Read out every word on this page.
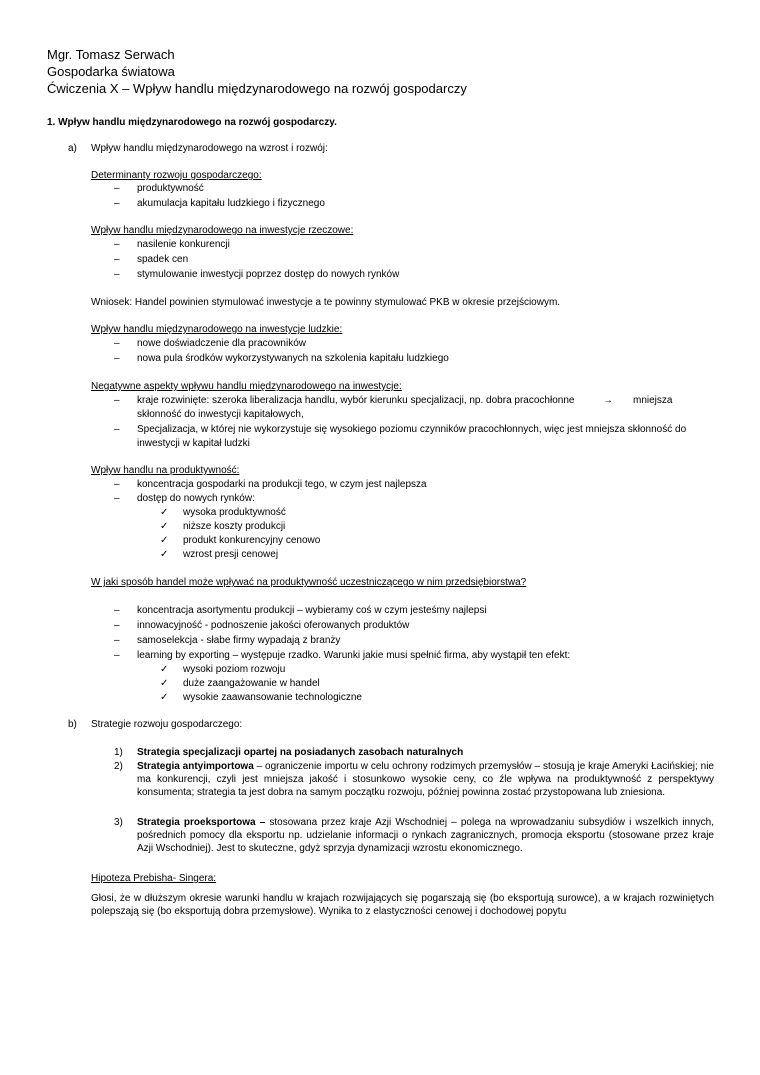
Mgr. Tomasz Serwach
Gospodarka światowa
Ćwiczenia X – Wpływ handlu międzynarodowego na rozwój gospodarczy
1. Wpływ handlu międzynarodowego na rozwój gospodarczy.
a) Wpływ handlu międzynarodowego na wzrost i rozwój:
Determinanty rozwoju gospodarczego:
– produktywność
– akumulacja kapitału ludzkiego i fizycznego
Wpływ handlu międzynarodowego na inwestycje rzeczowe:
– nasilenie konkurencji
– spadek cen
– stymulowanie inwestycji poprzez dostęp do nowych rynków
Wniosek: Handel powinien stymulować inwestycje a te powinny stymulować PKB w okresie przejściowym.
Wpływ handlu międzynarodowego na inwestycje ludzkie:
– nowe doświadczenie dla pracowników
– nowa pula środków wykorzystywanych na szkolenia kapitału ludzkiego
Negatywne aspekty wpływu handlu międzynarodowego na inwestycje:
– kraje rozwinięte: szeroka liberalizacja handlu, wybór kierunku specjalizacji, np. dobra pracochłonne	→ mniejsza
skłonność do inwestycji kapitałowych,
– Specjalizacja, w której nie wykorzystuje się wysokiego poziomu czynników pracochłonnych, więc jest mniejsza skłonność do
inwestycji w kapitał ludzki
Wpływ handlu na produktywność:
– koncentracja gospodarki na produkcji tego, w czym jest najlepsza
– dostęp do nowych rynków:
✓ wysoka produktywność
✓ niższe koszty produkcji
✓ produkt konkurencyjny cenowo
✓ wzrost presji cenowej
W jaki sposób handel może wpływać na produktywność uczestniczącego w nim przedsiębiorstwa?
– koncentracja asortymentu produkcji – wybieramy coś w czym jesteśmy najlepsi
– innowacyjność - podnoszenie jakości oferowanych produktów
– samoselekcja - słabe firmy wypadają z branży
– learning by exporting – występuje rzadko. Warunki jakie musi spełnić firma, aby wystąpił ten efekt:
✓ wysoki poziom rozwoju
✓ duże zaangażowanie w handel
✓ wysokie zaawansowanie technologiczne
b) Strategie rozwoju gospodarczego:
1) Strategia specjalizacji opartej na posiadanych zasobach naturalnych
2) Strategia antyimportowa – ograniczenie importu w celu ochrony rodzimych przemysłów – stosują je kraje Ameryki Łacińskiej; nie ma konkurencji, czyli jest mniejsza jakość i stosunkowo wysokie ceny, co źle wpływa na produktywność z perspektywy konsumenta; strategia ta jest dobra na samym początku rozwoju, później powinna zostać przystopowana lub zniesiona.
3) Strategia proeksportowa – stosowana przez kraje Azji Wschodniej – polega na wprowadzaniu subsydiów i wszelkich innych, pośrednich pomocy dla eksportu np. udzielanie informacji o rynkach zagranicznych, promocja eksportu (stosowane przez kraje Azji Wschodniej). Jest to skuteczne, gdyż sprzyja dynamizacji wzrostu ekonomicznego.
Hipoteza Prebisha- Singera:
Głosi, że w dłuższym okresie warunki handlu w krajach rozwijających się pogarszają się (bo eksportują surowce), a w krajach rozwiniętych polepszają się (bo eksportują dobra przemysłowe). Wynika to z elastyczności cenowej i dochodowej popytu
